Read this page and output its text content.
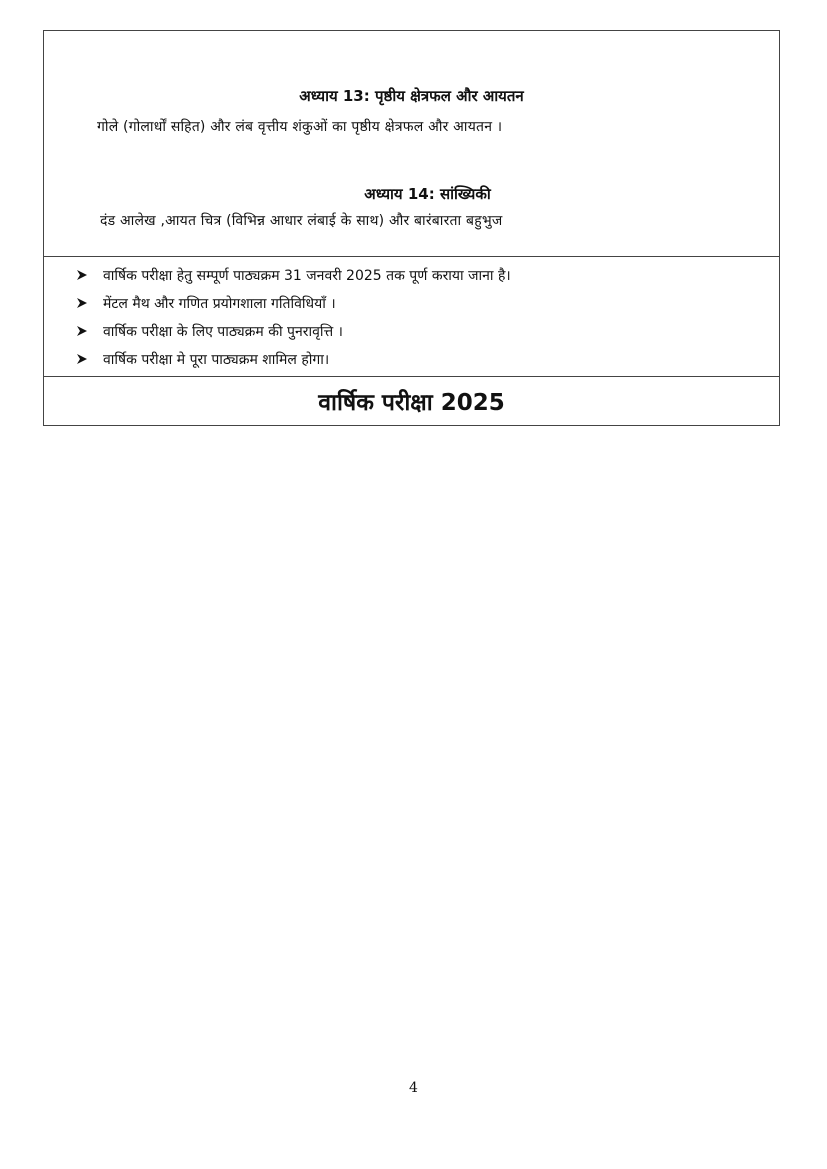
अध्याय 13: पृष्ठीय क्षेत्रफल और आयतन
गोले (गोलार्धों सहित) और लंब वृत्तीय शंकुओं का पृष्ठीय क्षेत्रफल और आयतन ।
अध्याय 14: सांख्यिकी
दंड आलेख ,आयत चित्र (विभिन्न आधार लंबाई के साथ) और बारंबारता बहुभुज
वार्षिक परीक्षा हेतु सम्पूर्ण पाठ्यक्रम 31 जनवरी 2025 तक पूर्ण कराया जाना है।
मेंटल मैथ और गणित प्रयोगशाला गतिविधियाँ ।
वार्षिक परीक्षा के लिए पाठ्यक्रम की पुनरावृत्ति ।
वार्षिक परीक्षा मे पूरा पाठ्यक्रम शामिल होगा।
वार्षिक परीक्षा 2025
4
